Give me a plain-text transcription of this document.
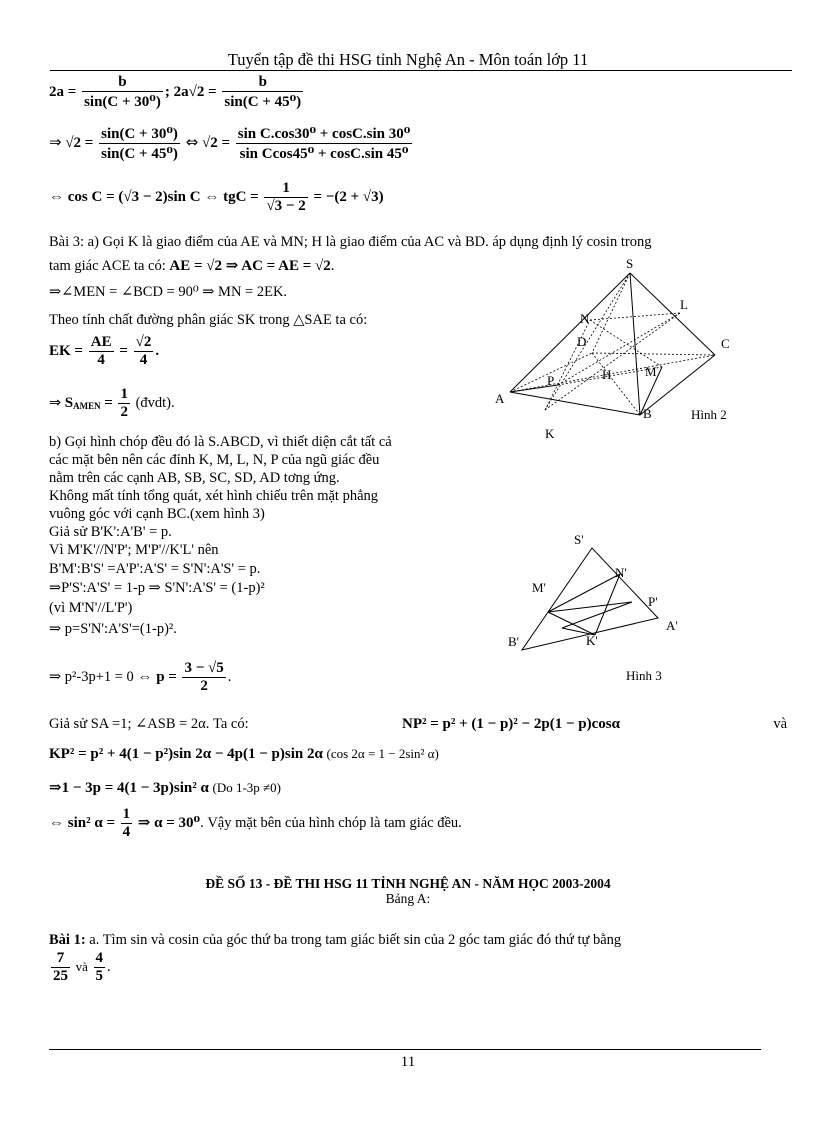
Tuyển tập đề thi HSG tỉnh Nghệ An - Môn toán lớp 11
$2a = \frac{b}{\text{sin(C + 30⁰)}}$ ; $2a√2 = \frac{b}{\text{sin(C + 45⁰)}}$
⇒ $√2 = \frac{\text{sin(C + 30⁰)}}{\text{sin(C + 45⁰)}}$ ⇔ $√2 = \frac{\text{sin C.cos30⁰ + cosC.sin 30⁰}}{\text{sin Ccos45⁰ + cosC.sin 45⁰}}$
⇔ cos C = (√3 − 2)sin C ⇔ tgC = $\frac{1}{√3 - 2} = -(2 + √3)$
Bài 3: a) Gọi K là giao điểm của AE và MN; H là giao điểm của AC và BD. áp dụng định lý cosin trong
tam giác ACE ta có: AE = √2 ⇒ AC = AE = √2.
⇒∠MEN = ∠BCD = 90⁰ ⇒ MN = 2EK.
Theo tính chất đường phân giác SK trong △SAE ta có:
EK = $\frac{AE}{4} = \frac{√2}{4}$ .
⇒ $S_{AMEN} = \frac{1}{2}$ (đvdt).
b) Gọi hình chóp đều đó là S.ABCD, vì thiết diện cắt tất cả
các mặt bên nên các đỉnh K, M, L, N, P của ngũ giác đều
nằm trên các cạnh AB, SB, SC, SD, AD tơng ứng.
Không mất tính tổng quát, xét hình chiếu trên mặt phẳng
vuông góc với cạnh BC.(xem hình 3)
Giả sử B'K':A'B' = p.
Vì M'K'//N'P'; M'P'//K'L' nên
B'M':B'S' =A'P':A'S' = S'N':A'S' = p.
⇒P'S':A'S' = 1-p ⇒ S'N':A'S' = (1-p)²
(vì M'N'//L'P')
⇒ p=S'N':A'S'=(1-p)².
⇒ p²-3p+1 = 0 ⇔ $p = \frac{3 - √5}{2}$ .
Giả sử SA =1; ∠ASB = 2α. Ta có:	NP² = p² + (1 − p)² − 2p(1 − p)cosα	và
KP² = p² + 4(1 − p²)sin 2α − 4p(1 − p)sin 2α (cos 2α = 1 − 2sin² α)
⇒1 − 3p = 4(1 − 3p)sin² α (Do 1-3p ≠0)
⇔ sin² $\alpha = \frac{1}{4}$ ⇒ α = 30⁰. Vậy mặt bên của hình chóp là tam giác đều.
S
L
N
D	C
H	M
P
A
B
K
Hình 2
S'
N'
M'
P'
A'
B'	K'
Hình 3
ĐỀ SỐ 13 - ĐỀ THI HSG 11 TỈNH NGHỆ AN - NĂM HỌC 2003-2004
Bảng A:
Bài 1: a. Tìm sin và cosin của góc thứ ba trong tam giác biết sin của 2 góc tam giác đó thứ tự bằng
$\frac{7}{25}$ và $\frac{4}{5}$ .
11
